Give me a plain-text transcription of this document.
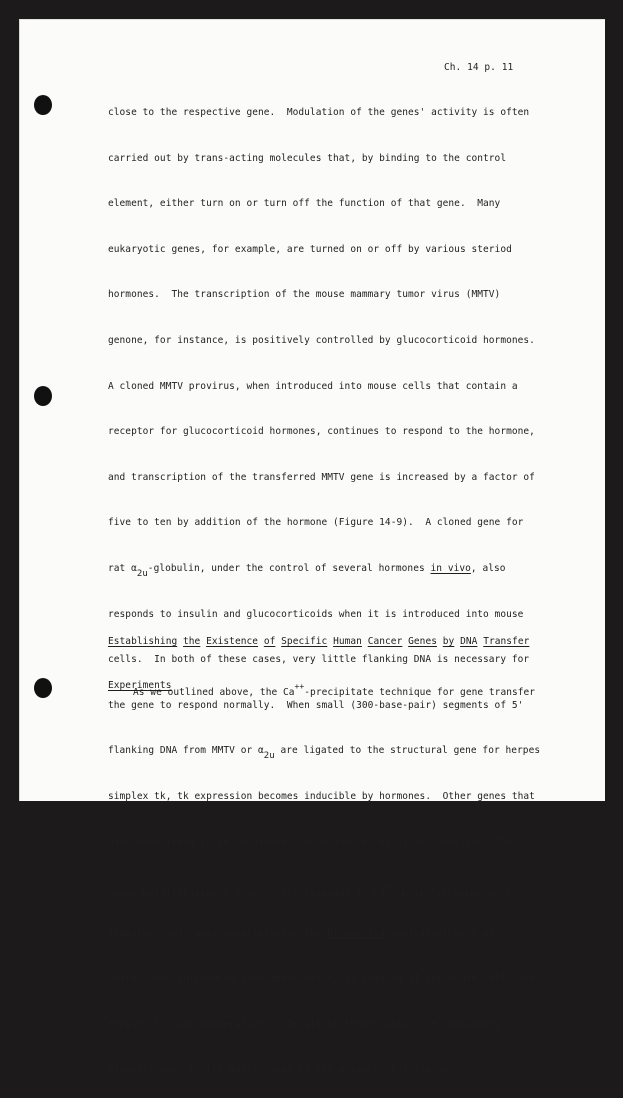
Ch. 14 p. 11

close to the respective gene.  Modulation of the genes' activity is often

carried out by trans-acting molecules that, by binding to the control

element, either turn on or turn off the function of that gene.  Many

eukaryotic genes, for example, are turned on or off by various steriod

hormones.  The transcription of the mouse mammary tumor virus (MMTV)

genone, for instance, is positively controlled by glucocorticoid hormones.

A cloned MMTV provirus, when introduced into mouse cells that contain a

receptor for glucocorticoid hormones, continues to respond to the hormone,

and transcription of the transferred MMTV gene is increased by a factor of

five to ten by addition of the hormone (Figure 14-9).  A cloned gene for

rat α2u-globulin, under the control of several hormones in vivo, also

responds to insulin and glucocorticoids when it is introduced into mouse

cells.  In both of these cases, very little flanking DNA is necessary for

the gene to respond normally.  When small (300-base-pair) segments of 5'

flanking DNA from MMTV or α2u are ligated to the structural gene for herpes

simplex tk, tk expression becomes inducible by hormones.  Other genes that

have been found to be regulated can be induced by viral infection; the

mouse metallothionine gene, which responds to Cd++ ions following gene

transfer; and, most surprisingly, the Drosophila heat-shock gene p70,

which, when introduced into mouse cells, is induced if the mouse cells are

exposed to high temperatures.  In all of these cases, the regulatory

elements seem to lie quite close to (or possibly in) the gene.

Establishing the Existence of Specific Human Cancer Genes by DNA Transfer

Experiments

As we outlined above, the Ca++-precipitate technique for gene transfer
